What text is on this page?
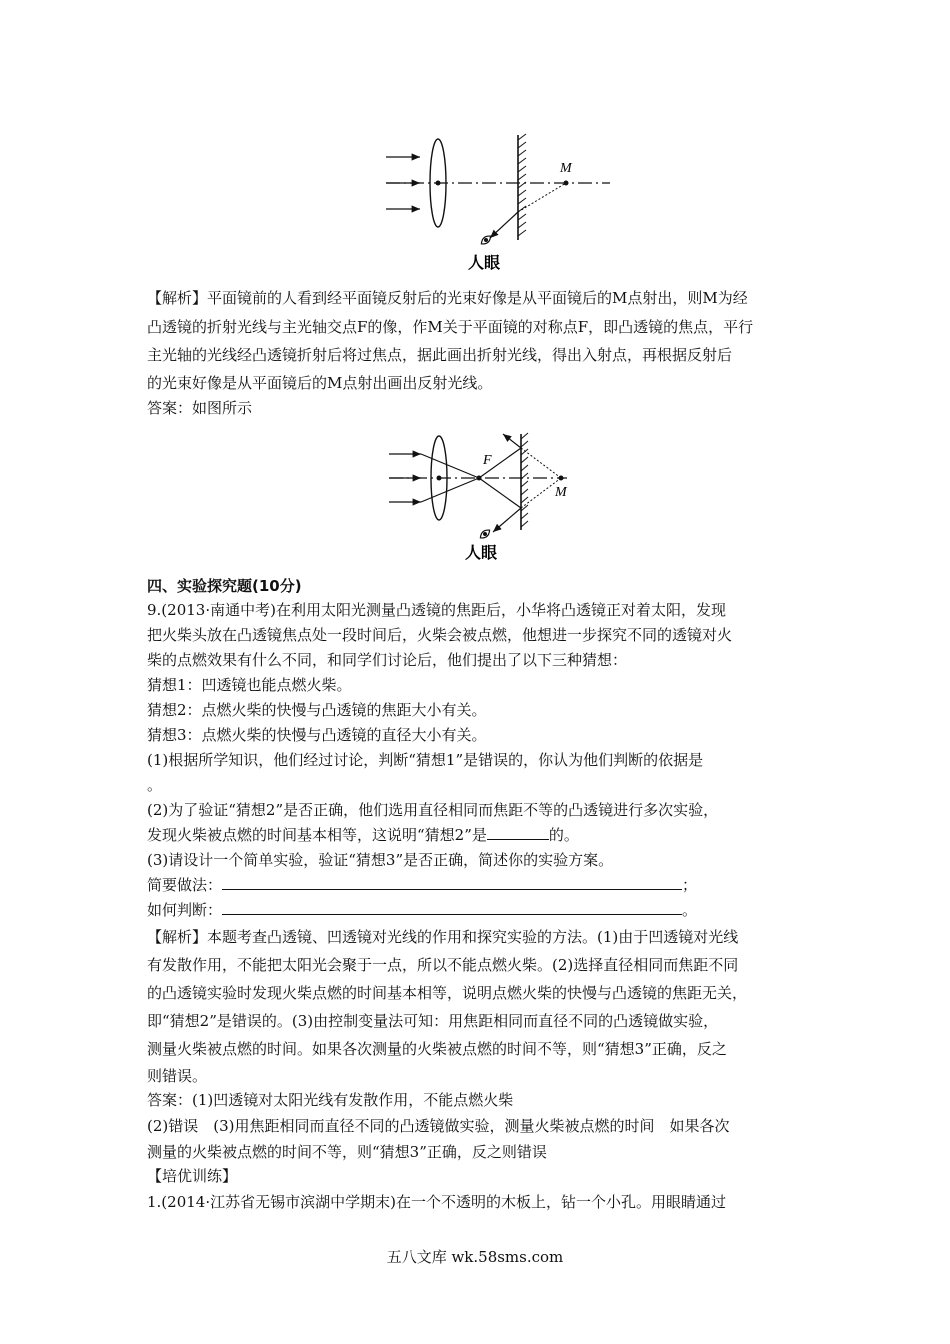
M
人眼
【解析】平面镜前的人看到经平面镜反射后的光束好像是从平面镜后的M点射出，则M为经
凸透镜的折射光线与主光轴交点F的像，作M关于平面镜的对称点F，即凸透镜的焦点，平行
主光轴的光线经凸透镜折射后将过焦点，据此画出折射光线，得出入射点，再根据反射后
的光束好像是从平面镜后的M点射出画出反射光线。
答案：如图所示
F
M
人眼
四、实验探究题(10分)
9.(2013·南通中考)在利用太阳光测量凸透镜的焦距后，小华将凸透镜正对着太阳，发现
把火柴头放在凸透镜焦点处一段时间后，火柴会被点燃，他想进一步探究不同的透镜对火
柴的点燃效果有什么不同，和同学们讨论后，他们提出了以下三种猜想：
猜想1：凹透镜也能点燃火柴。
猜想2：点燃火柴的快慢与凸透镜的焦距大小有关。
猜想3：点燃火柴的快慢与凸透镜的直径大小有关。
(1)根据所学知识，他们经过讨论，判断“猜想1”是错误的，你认为他们判断的依据是
。
(2)为了验证“猜想2”是否正确，他们选用直径相同而焦距不等的凸透镜进行多次实验，
发现火柴被点燃的时间基本相等，这说明“猜想2”是	的。
(3)请设计一个简单实验，验证“猜想3”是否正确，简述你的实验方案。
简要做法：	；
如何判断：	。
【解析】本题考查凸透镜、凹透镜对光线的作用和探究实验的方法。(1)由于凹透镜对光线
有发散作用，不能把太阳光会聚于一点，所以不能点燃火柴。(2)选择直径相同而焦距不同
的凸透镜实验时发现火柴点燃的时间基本相等，说明点燃火柴的快慢与凸透镜的焦距无关，
即“猜想2”是错误的。(3)由控制变量法可知：用焦距相同而直径不同的凸透镜做实验，
测量火柴被点燃的时间。如果各次测量的火柴被点燃的时间不等，则“猜想3”正确，反之
则错误。
答案：(1)凹透镜对太阳光线有发散作用，不能点燃火柴
(2)错误　(3)用焦距相同而直径不同的凸透镜做实验，测量火柴被点燃的时间　如果各次
测量的火柴被点燃的时间不等，则“猜想3”正确，反之则错误
【培优训练】
1.(2014·江苏省无锡市滨湖中学期末)在一个不透明的木板上，钻一个小孔。用眼睛通过
五八文库 wk.58sms.com
